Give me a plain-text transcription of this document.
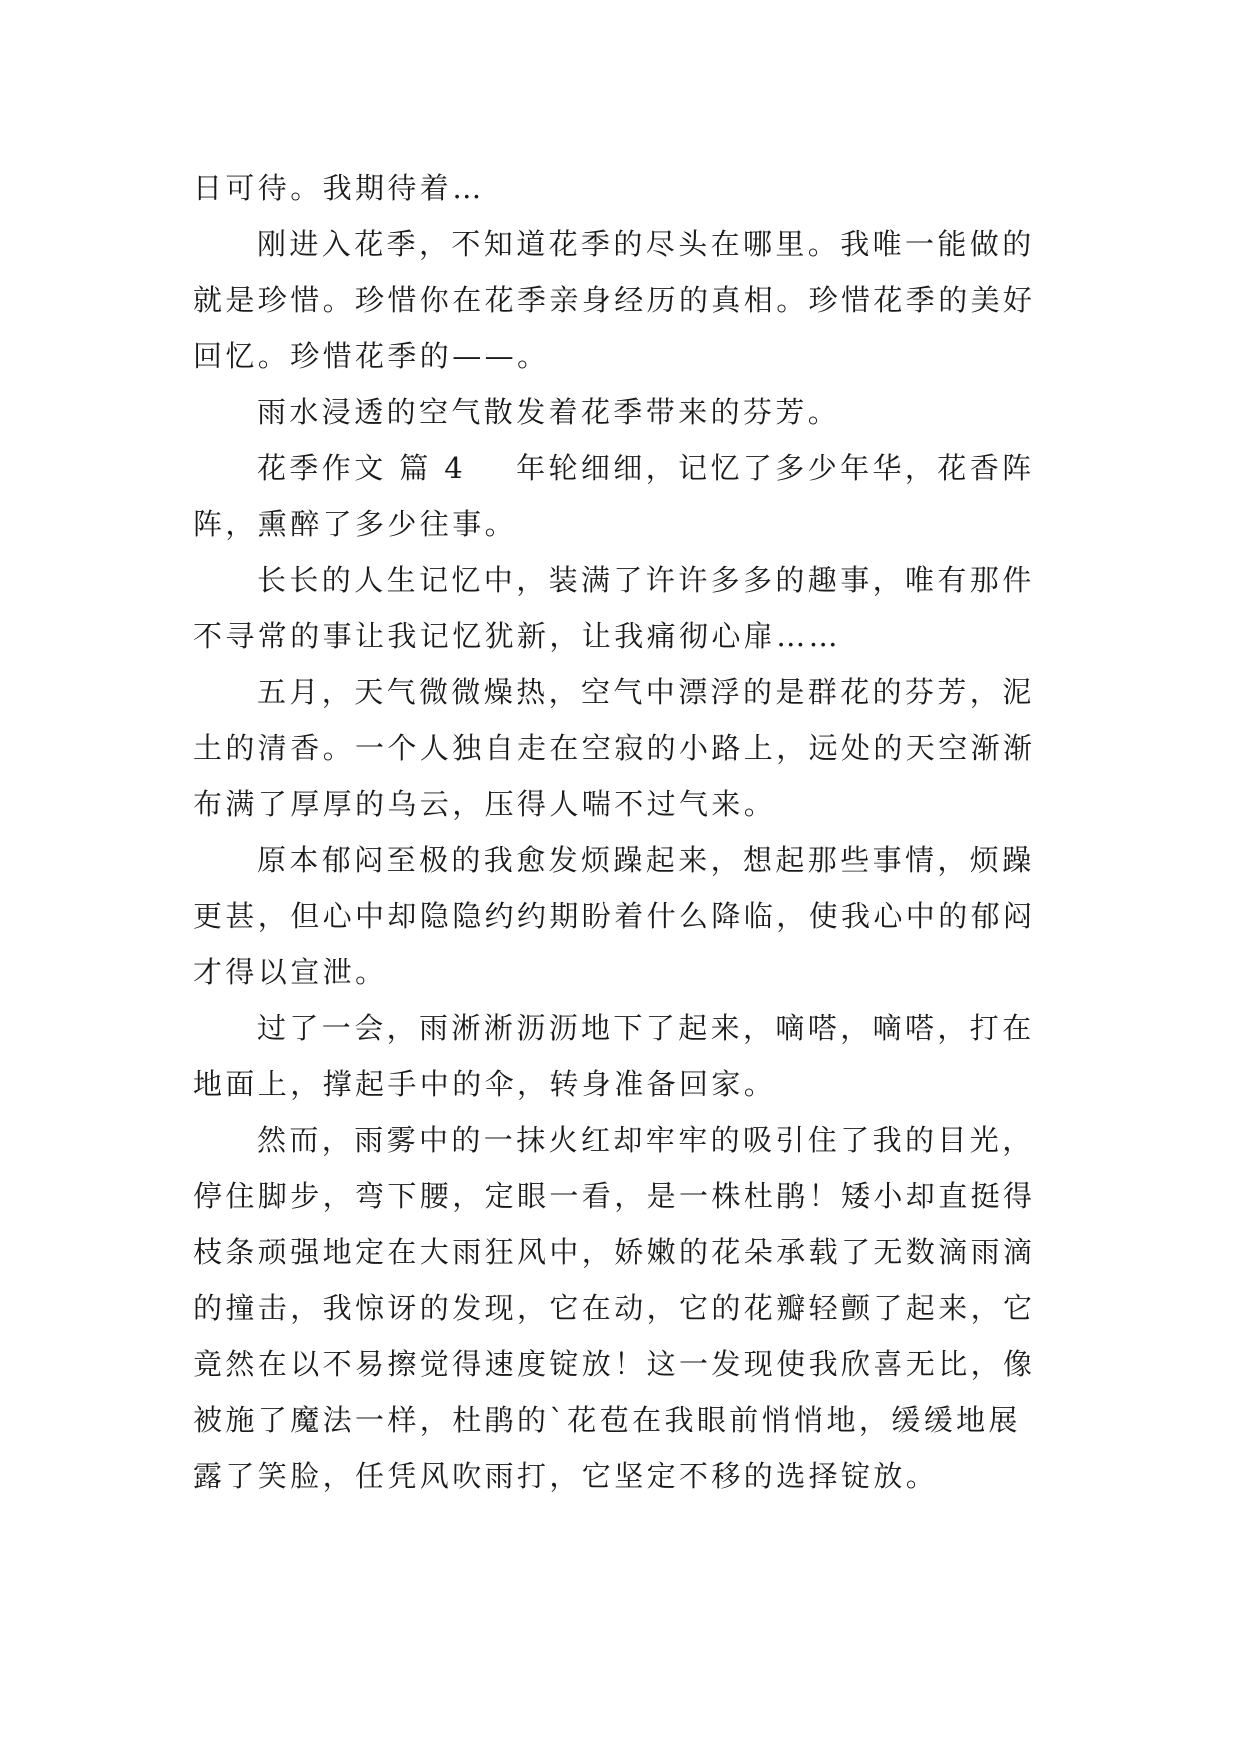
日可待。我期待着…
刚进入花季，不知道花季的尽头在哪里。我唯一能做的
就是珍惜。珍惜你在花季亲身经历的真相。珍惜花季的美好
回忆。珍惜花季的——。
雨水浸透的空气散发着花季带来的芬芳。
花季作文 篇 4 年轮细细，记忆了多少年华，花香阵
阵，熏醉了多少往事。
长长的人生记忆中，装满了许许多多的趣事，唯有那件
不寻常的事让我记忆犹新，让我痛彻心扉……
五月，天气微微燥热，空气中漂浮的是群花的芬芳，泥
土的清香。一个人独自走在空寂的小路上，远处的天空渐渐
布满了厚厚的乌云，压得人喘不过气来。
原本郁闷至极的我愈发烦躁起来，想起那些事情，烦躁
更甚，但心中却隐隐约约期盼着什么降临，使我心中的郁闷
才得以宣泄。
过了一会，雨淅淅沥沥地下了起来，嘀嗒，嘀嗒，打在
地面上，撑起手中的伞，转身准备回家。
然而，雨雾中的一抹火红却牢牢的吸引住了我的目光，
停住脚步，弯下腰，定眼一看，是一株杜鹃！矮小却直挺得
枝条顽强地定在大雨狂风中，娇嫩的花朵承载了无数滴雨滴
的撞击，我惊讶的发现，它在动，它的花瓣轻颤了起来，它
竟然在以不易擦觉得速度锭放！这一发现使我欣喜无比，像
被施了魔法一样，杜鹃的`花苞在我眼前悄悄地，缓缓地展
露了笑脸，任凭风吹雨打，它坚定不移的选择锭放。
